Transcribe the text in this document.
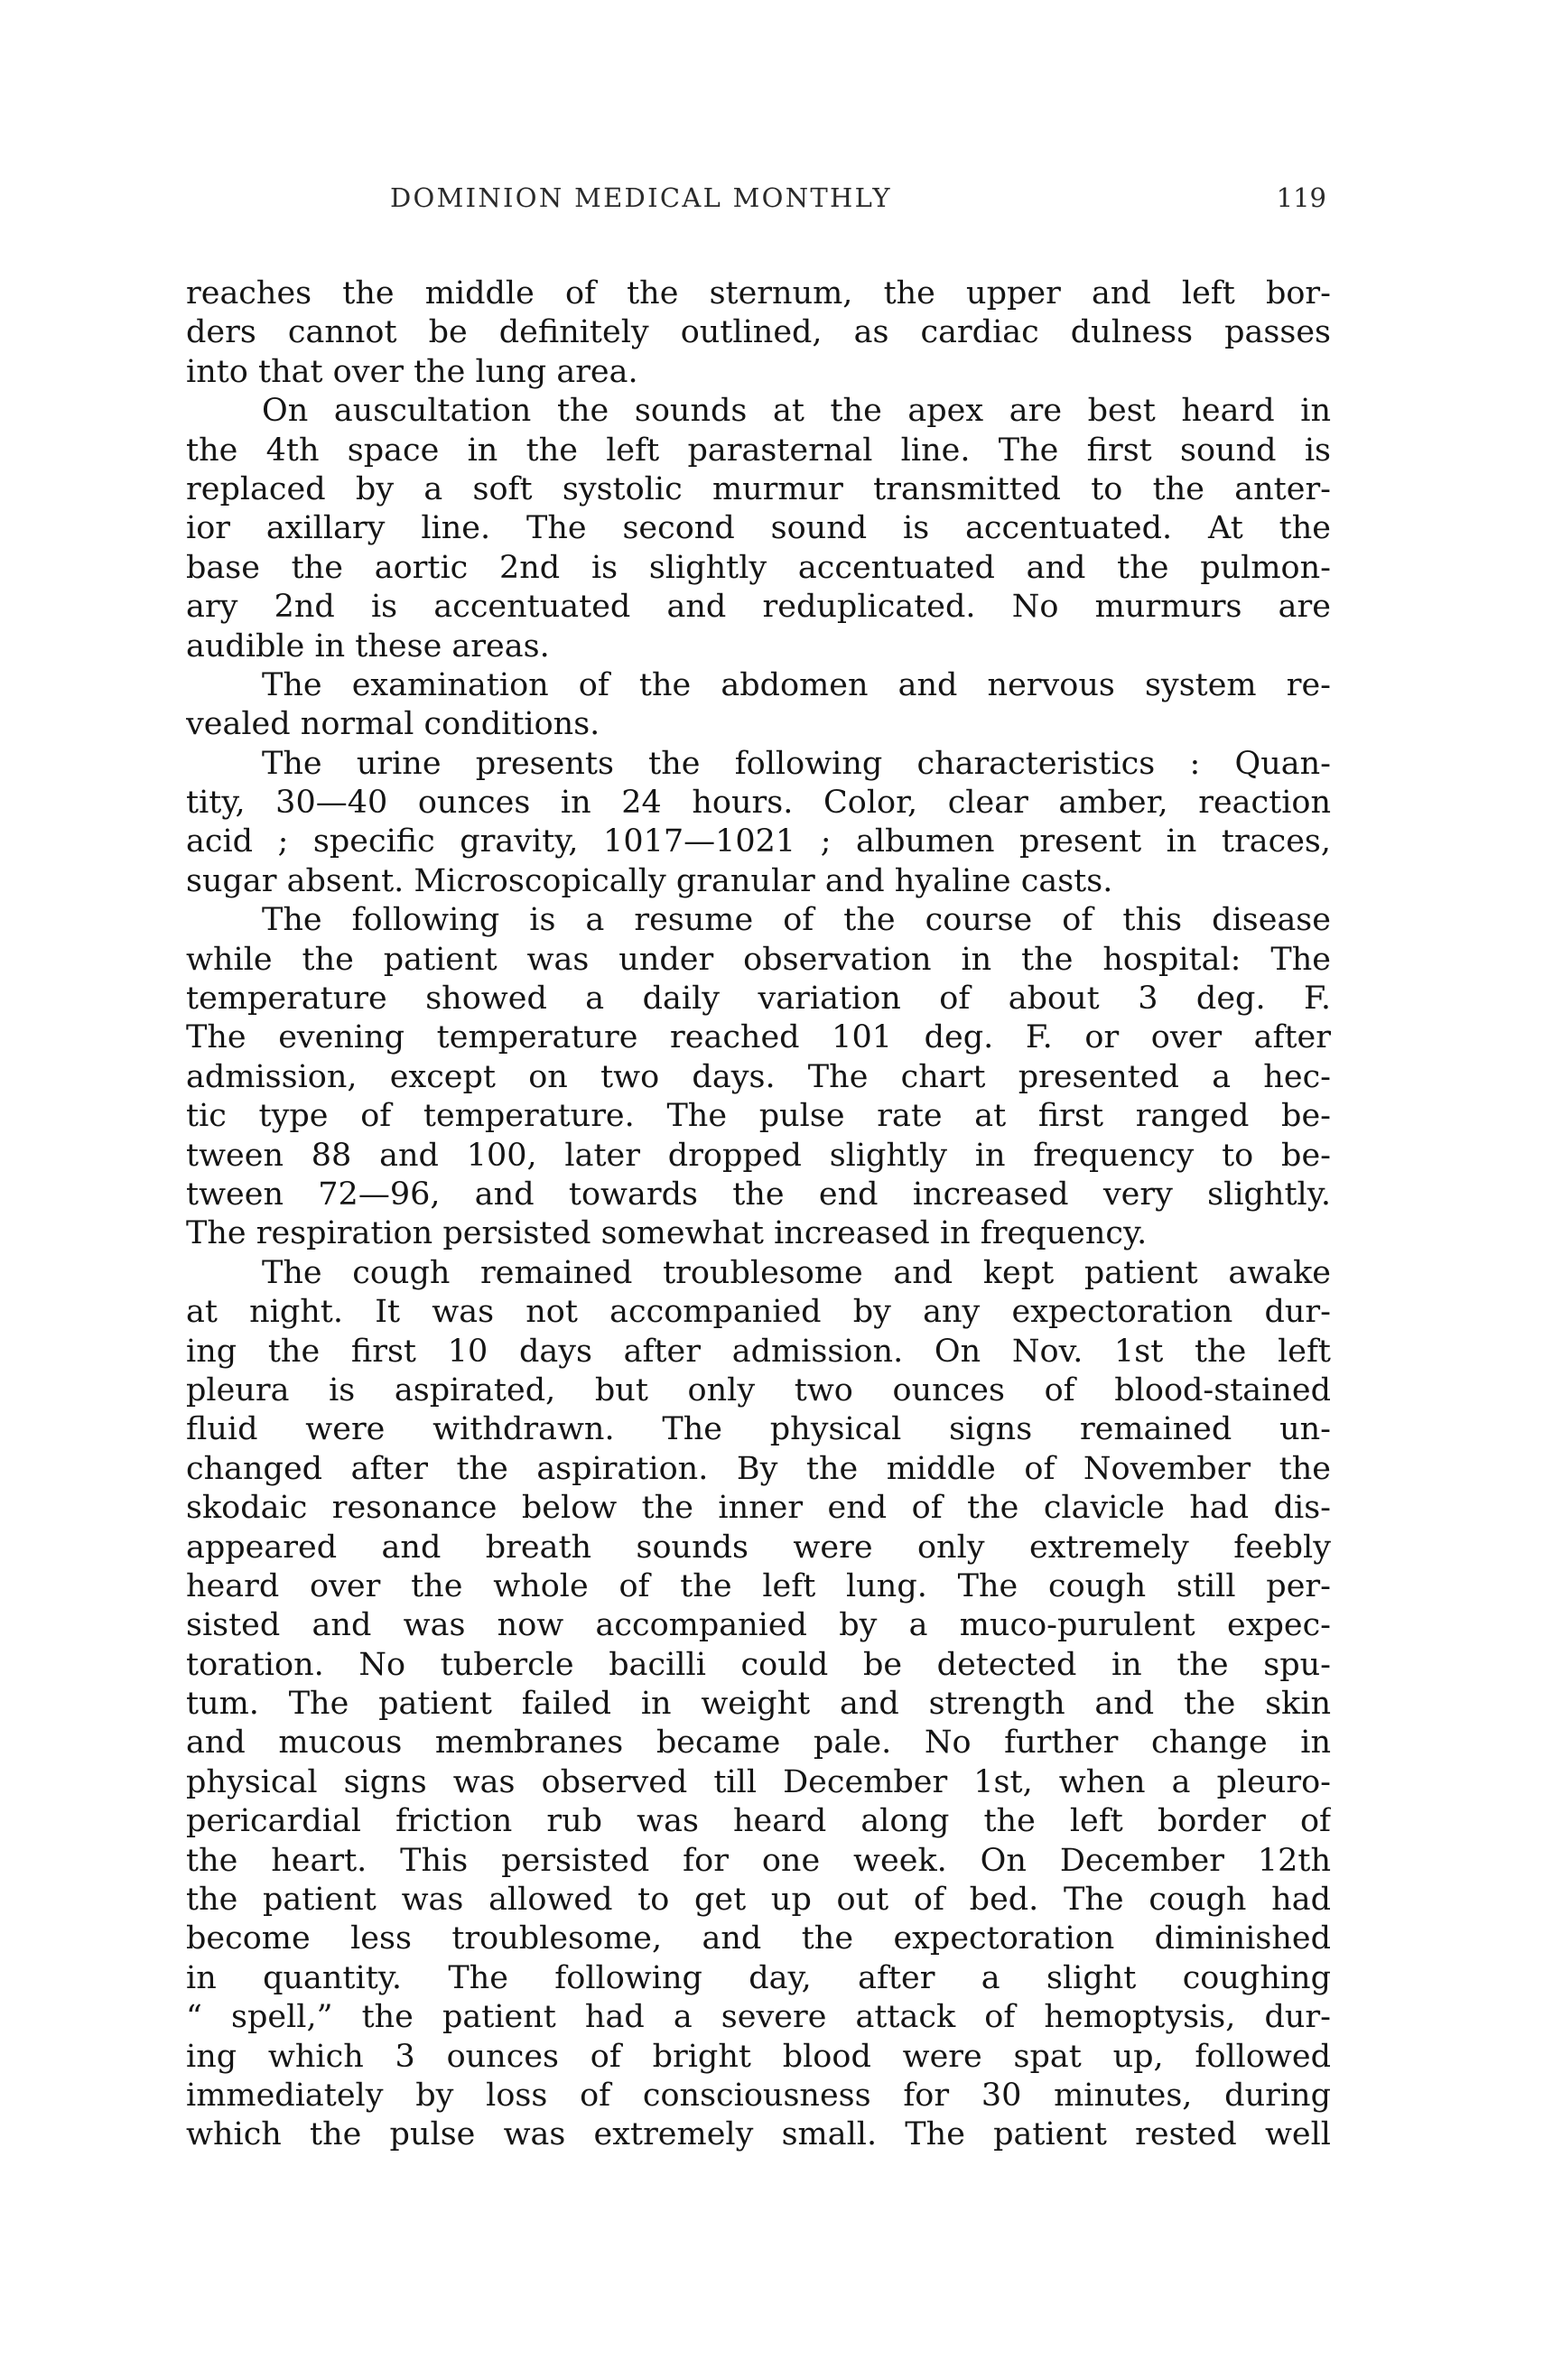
DOMINION MEDICAL MONTHLY	119
reaches the middle of the sternum, the upper and left bor-
ders cannot be definitely outlined, as cardiac dulness passes
into that over the lung area.
On auscultation the sounds at the apex are best heard in
the 4th space in the left parasternal line. The first sound is
replaced by a soft systolic murmur transmitted to the anter-
ior axillary line. The second sound is accentuated. At the
base the aortic 2nd is slightly accentuated and the pulmon-
ary 2nd is accentuated and reduplicated. No murmurs are
audible in these areas.
The examination of the abdomen and nervous system re-
vealed normal conditions.
The urine presents the following characteristics : Quan-
tity, 30—40 ounces in 24 hours. Color, clear amber, reaction
acid ; specific gravity, 1017—1021 ; albumen present in traces,
sugar absent. Microscopically granular and hyaline casts.
The following is a resume of the course of this disease
while the patient was under observation in the hospital: The
temperature showed a daily variation of about 3 deg. F.
The evening temperature reached 101 deg. F. or over after
admission, except on two days. The chart presented a hec-
tic type of temperature. The pulse rate at first ranged be-
tween 88 and 100, later dropped slightly in frequency to be-
tween 72—96, and towards the end increased very slightly.
The respiration persisted somewhat increased in frequency.
The cough remained troublesome and kept patient awake
at night. It was not accompanied by any expectoration dur-
ing the first 10 days after admission. On Nov. 1st the left
pleura is aspirated, but only two ounces of blood-stained
fluid were withdrawn. The physical signs remained un-
changed after the aspiration. By the middle of November the
skodaic resonance below the inner end of the clavicle had dis-
appeared and breath sounds were only extremely feebly
heard over the whole of the left lung. The cough still per-
sisted and was now accompanied by a muco-purulent expec-
toration. No tubercle bacilli could be detected in the spu-
tum. The patient failed in weight and strength and the skin
and mucous membranes became pale. No further change in
physical signs was observed till December 1st, when a pleuro-
pericardial friction rub was heard along the left border of
the heart. This persisted for one week. On December 12th
the patient was allowed to get up out of bed. The cough had
become less troublesome, and the expectoration diminished
in quantity. The following day, after a slight coughing
“ spell,” the patient had a severe attack of hemoptysis, dur-
ing which 3 ounces of bright blood were spat up, followed
immediately by loss of consciousness for 30 minutes, during
which the pulse was extremely small. The patient rested well
